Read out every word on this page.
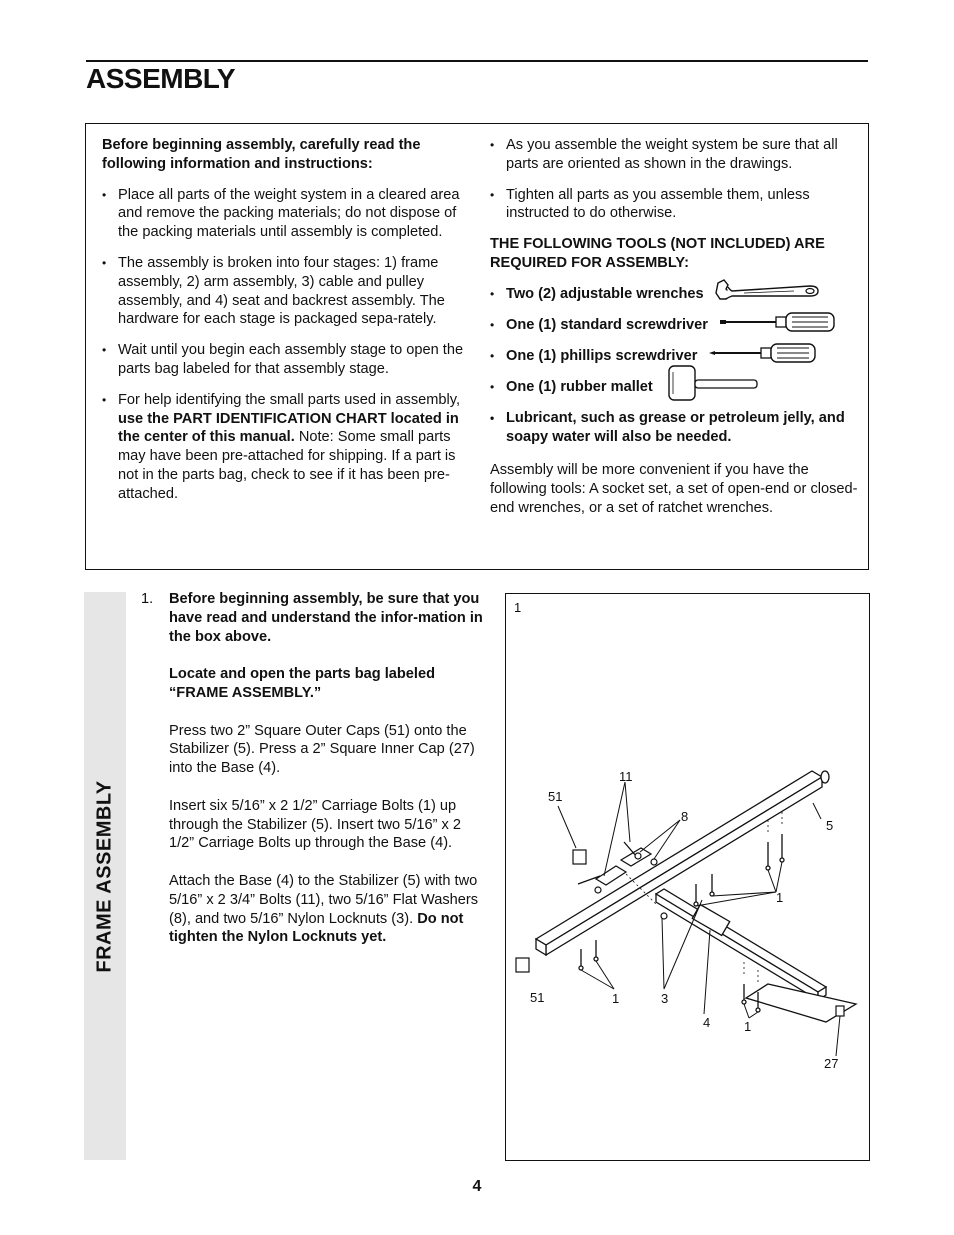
ASSEMBLY

Before beginning assembly, carefully read the following information and instructions:

• Place all parts of the weight system in a cleared area and remove the packing materials; do not dispose of the packing materials until assembly is completed.
• The assembly is broken into four stages: 1) frame assembly, 2) arm assembly, 3) cable and pulley assembly, and 4) seat and backrest assembly. The hardware for each stage is packaged sepa-rately.
• Wait until you begin each assembly stage to open the parts bag labeled for that assembly stage.
• For help identifying the small parts used in assembly, use the PART IDENTIFICATION CHART located in the center of this manual. Note: Some small parts may have been pre-attached for shipping. If a part is not in the parts bag, check to see if it has been pre-attached.
• As you assemble the weight system be sure that all parts are oriented as shown in the drawings.
• Tighten all parts as you assemble them, unless instructed to do otherwise.

THE FOLLOWING TOOLS (NOT INCLUDED) ARE REQUIRED FOR ASSEMBLY:

• Two (2) adjustable wrenches
• One (1) standard screwdriver
• One (1) phillips screwdriver
• One (1) rubber mallet
• Lubricant, such as grease or petroleum jelly, and soapy water will also be needed.

Assembly will be more convenient if you have the following tools: A socket set, a set of open-end or closed-end wrenches, or a set of ratchet wrenches.

FRAME ASSEMBLY
1. Before beginning assembly, be sure that you have read and understand the infor-mation in the box above.

Locate and open the parts bag labeled “FRAME ASSEMBLY.”

Press two 2” Square Outer Caps (51) onto the Stabilizer (5). Press a 2” Square Inner Cap (27) into the Base (4).

Insert six 5/16” x 2 1/2” Carriage Bolts (1) up through the Stabilizer (5). Insert two 5/16” x 2 1/2” Carriage Bolts up through the Base (4).

Attach the Base (4) to the Stabilizer (5) with two 5/16” x 2 3/4” Bolts (11), two 5/16” Flat Washers (8), and two 5/16” Nylon Locknuts (3). Do not tighten the Nylon Locknuts yet.

1
11
51
8
5
1
51	1	3
4	1
27
4
